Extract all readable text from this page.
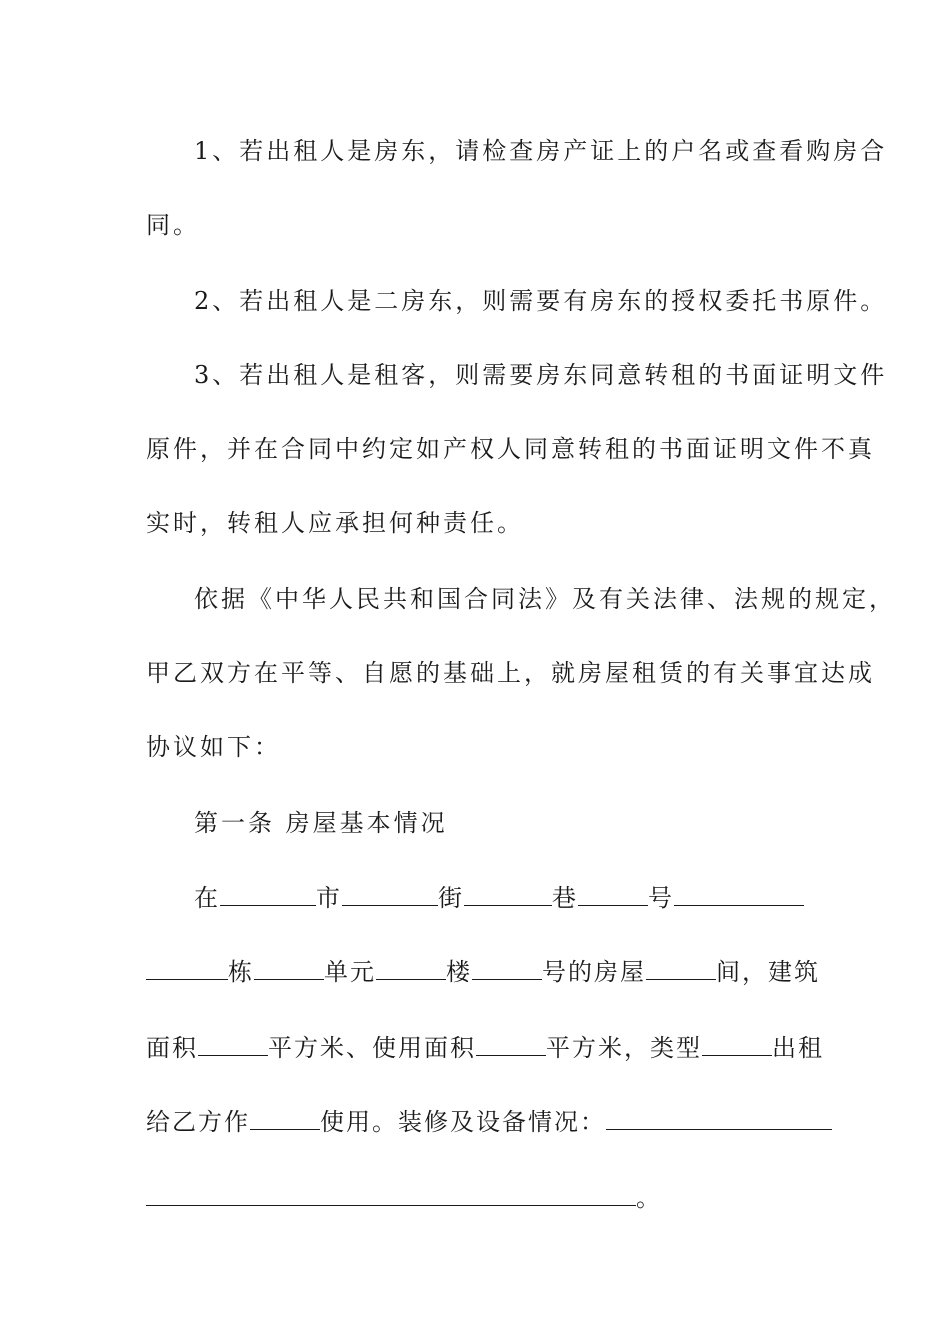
1、若出租人是房东，请检查房产证上的户名或查看购房合
同。
2、若出租人是二房东，则需要有房东的授权委托书原件。
3、若出租人是租客，则需要房东同意转租的书面证明文件
原件，并在合同中约定如产权人同意转租的书面证明文件不真
实时，转租人应承担何种责任。
依据《中华人民共和国合同法》及有关法律、法规的规定，
甲乙双方在平等、自愿的基础上，就房屋租赁的有关事宜达成
协议如下：
第一条 房屋基本情况
在	市	街	巷	号
栋	单元	楼	号的房屋	间，建筑
面积	平方米、使用面积	平方米，类型	出租
给乙方作	使用。装修及设备情况：
。
